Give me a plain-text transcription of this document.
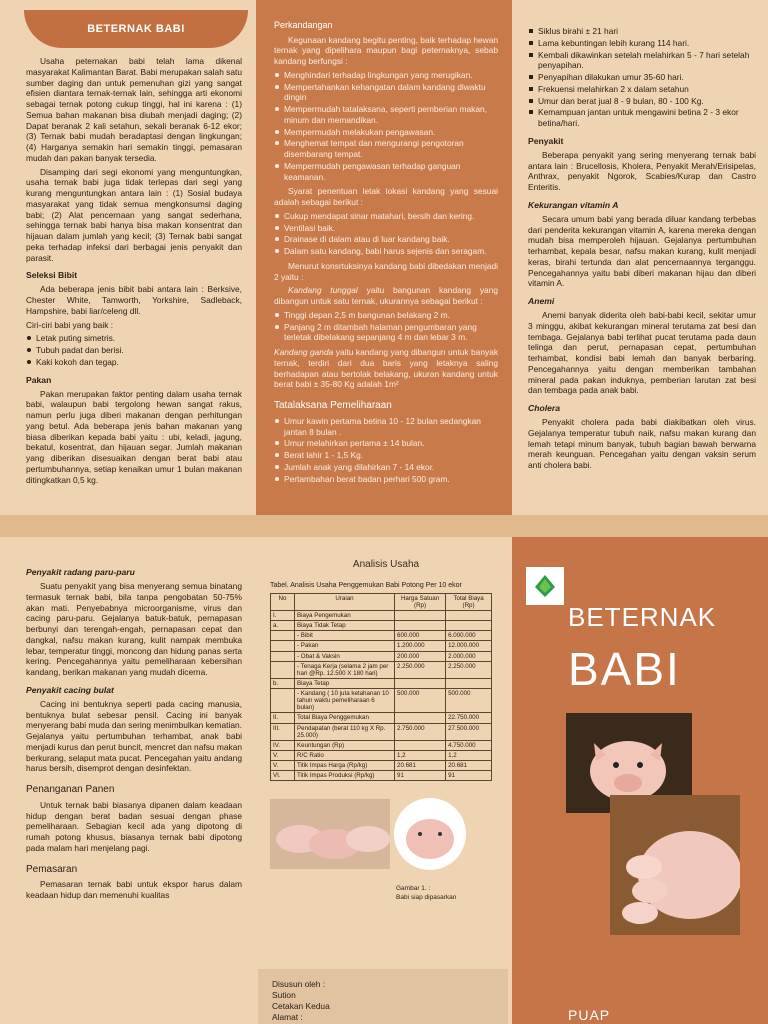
BETERNAK BABI

Usaha peternakan babi telah lama dikenal masyarakat Kalimantan Barat. Babi merupakan salah satu sumber daging dan untuk pemenuhan gizi yang sangat efisien diantara ternak-ternak lain, sehingga arti ekonomi sebagai ternak potong cukup tinggi, hal ini karena : (1) Semua bahan makanan bisa diubah menjadi daging; (2) Dapat beranak 2 kali setahun, sekali beranak 6-12 ekor; (3) Ternak babi mudah beradaptasi dengan lingkungan; (4) Harganya semakin hari semakin tinggi, pemasaran mudah dan pakan banyak tersedia.

Disamping dari segi ekonomi yang menguntungkan, usaha ternak babi juga tidak terlepas dari segi yang kurang menguntungkan antara lain : (1) Sosial budaya masyarakat yang tidak semua mengkonsumsi daging babi; (2) Alat pencernaan yang sangat sederhana, sehingga ternak babi hanya bisa makan konsentrat dan hijauan dalam jumlah yang kecil; (3) Ternak babi sangat peka terhadap infeksi dari berbagai jenis penyakit dan parasit.

Seleksi Bibit

Ada beberapa jenis bibit babi antara lain : Berksive, Chester White, Tamworth, Yorkshire, Sadleback, Hampshire, babi liar/celeng dll.

Ciri-ciri babi yang baik :

Letak puting simetris.
Tubuh padat dan berisi.
Kaki kokoh dan tegap.
Pakan

Pakan merupakan faktor penting dalam usaha ternak babi, walaupun babi tergolong hewan sangat rakus, namun perlu juga diberi makanan dengan perhitungan yang betul. Ada beberapa jenis bahan makanan yang biasa diberikan kepada babi yaitu : ubi, keladi, jagung, bekatul, kosentrat, dan hijauan segar. Jumlah makanan yang diberikan disesuaikan dengan berat babi atau pertumbuhannya, setiap kenaikan umur 1 bulan makanan ditingkatkan 0,5 kg.

Perkandangan

Kegunaan kandang begitu penting, baik terhadap hewan ternak yang dipelihara maupun bagi peternaknya, sebab kandang berfungsi :

Menghindari terhadap lingkungan yang merugikan.
Mempertahankan kehangatan dalam kandang diwaktu dingin
Mempermudah tatalaksana, seperti pemberian makan, minum dan memandikan.
Mempermudah melakukan pengawasan.
Menghemat tempat dan mengurangi pengotoran disembarang tempat.
Mempermudah pengawasan terhadap ganguan keamanan.

Syarat penentuan letak lokasi kandang yang sesuai adalah sebagai berikut :

Cukup mendapat sinar matahari, bersih dan kering.
Ventilasi baik.
Drainase di dalam atau di luar kandang baik.
Dalam satu kandang, babi harus sejenis dan seragam.

Menurut konsrtuksinya kandang babi dibedakan menjadi 2 yaitu :

Kandang tunggal yaitu bangunan kandang yang dibangun untuk satu ternak, ukurannya sebagai berikut :

Tinggi depan 2,5 m bangunan belakang 2 m.
Panjang 2 m ditambah halaman pengumbaran yang terletak dibelakang sepanjang 4 m dan lebar 3 m.

Kandang ganda yaitu kandang yang dibangun untuk banyak ternak, terdiri dari dua baris yang letaknya saling berhadapan atau bertolak belakang, ukuran kandang untuk berat babi ± 35-80 Kg adalah 1m²

Tatalaksana Pemeliharaan
Umur kawin pertama betina 10 - 12 bulan sedangkan jantan 8 bulan .
Umur melahirkan pertama ± 14 bulan.
Berat lahir 1 - 1,5 Kg.
Jumlah anak yang dilahirkan 7 - 14 ekor.
Pertambahan berat badan perhari 500 gram.
Siklus birahi ± 21 hari
Lama kebuntingan lebih kurang 114 hari.
Kembali dikawinkan setelah melahirkan 5 - 7 hari setelah penyapihan.
Penyapihan dilakukan umur 35-60 hari.
Frekuensi melahirkan 2 x dalam setahun
Umur dan berat jual 8 - 9 bulan, 80 - 100 Kg.
Kemampuan jantan untuk mengawini betina 2 - 3 ekor betina/hari.
Penyakit

Beberapa penyakit yang sering menyerang ternak babi antara lain : Brucellosis, Kholera, Penyakit Merah/Erisipelas, Anthrax, penyakit Ngorok, Scabies/Kurap dan Castro Enteritis.

Kekurangan vitamin A

Secara umum babi yang berada diluar kandang terbebas dari penderita kekurangan vitamin A, karena mereka dengan mudah bisa memperoleh hijauan. Gejalanya pertumbuhan terhambat, kepala besar, nafsu makan kurang, kulit menjadi keras, birahi tertunda dan alat pencernaannya terganggu. Pencegahannya yaitu babi diberi makanan hijau dan diberi vitamin A.

Anemi

Anemi banyak diderita oleh babi-babi kecil, sekitar umur 3 minggu, akibat kekurangan mineral terutama zat besi dan tembaga. Gejalanya babi terlihat pucat terutama pada daun telinga dan perut, pernapasan cepat, pertumbuhan terhambat, kondisi babi lemah dan banyak berbaring. Pencegahannya yaitu dengan memberikan tambahan mineral pada pakan induknya, pemberian larutan zat besi dan tembaga pada anak babi.

Cholera

Penyakit cholera pada babi diakibatkan oleh virus. Gejalanya temperatur tubuh naik, nafsu makan kurang dan lemah tetapi minum banyak, tubuh bagian bawah berwarna merah keunguan. Pencegahan yaitu dengan vaksin serum anti cholera babi.

Penyakit radang paru-paru

Suatu penyakit yang bisa menyerang semua binatang termasuk ternak babi, bila tanpa pengobatan 50-75% akan mati. Penyebabnya microorganisme, virus dan cacing paru-paru. Gejalanya batuk-batuk, pernapasan berbunyi dan terengah-engah, pernapasan cepat dan dangkal, nafsu makan kurang, kulit nampak membuka lebar, temperatur tinggi, moncong dan hidung panas serta kering. Pencegahannya yaitu pemeliharaan kebersihan kandang, berikan makanan yang mudah dicerna.

Penyakit cacing bulat

Cacing ini bentuknya seperti pada cacing manusia, bentuknya bulat sebesar pensil. Cacing ini banyak menyerang babi muda dan sering menimbulkan kematian. Gejalanya yaitu pertumbuhan terhambat, anak babi menjadi kurus dan perut buncit, mencret dan nafsu makan berkurang, selaput mata pucat. Pencegahan yaitu andang harus bersih, disemprot dengan desinfektan.

Penanganan Panen

Untuk ternak babi biasanya dipanen dalam keadaan hidup dengan berat badan sesuai dengan phase pemeliharaan. Sebagian kecil ada yang dipotong di rumah potong khusus, biasanya ternak babi dipotong pada malam hari menjelang pagi.

Pemasaran

Pemasaran ternak babi untuk ekspor harus dalam keadaan hidup dan memenuhi kualitas

Analisis Usaha
Tabel. Analisis Usaha Penggemukan Babi Potong Per 10 ekor
No	Uraian	Harga Satuan (Rp)	Total Biaya (Rp)
I.	Biaya Pengemukan		
a.	Biaya Tidak Tetap		
	- Bibit	600.000	6.000.000
	- Pakan	1.200.000	12.000.000
	- Obat & Vaksin	200.000	2.000.000
	- Tenaga Kerja (selama 2 jam per hari @Rp. 12.500 X 180 hari)	2.250.000	2.250.000
b.	Biaya Tetap		
	- Kandang ( 10 juta ketahanan 10 tahun waktu pemeliharaan 6 bulan)	500.000	500.000
II.	Total Biaya Penggemukan		22.750.000
III.	Pendapatan (berat 110 kg X Rp. 25.000)	2.750.000	27.500.000
IV.	Keuntungan (Rp)		4.750.000
V.	R/C Ratio	1,2	1,2
V.	Titik Impas Harga (Rp/kg)	20.681	20.681
VI.	Titik Impas Produksi (Rp/kg)	91	91
Gambar 1. :
Babi siap dipasarkan
Disusun oleh :
Sution
Cetakan Kedua
Alamat :
BETERNAK
BABI
PUAP
